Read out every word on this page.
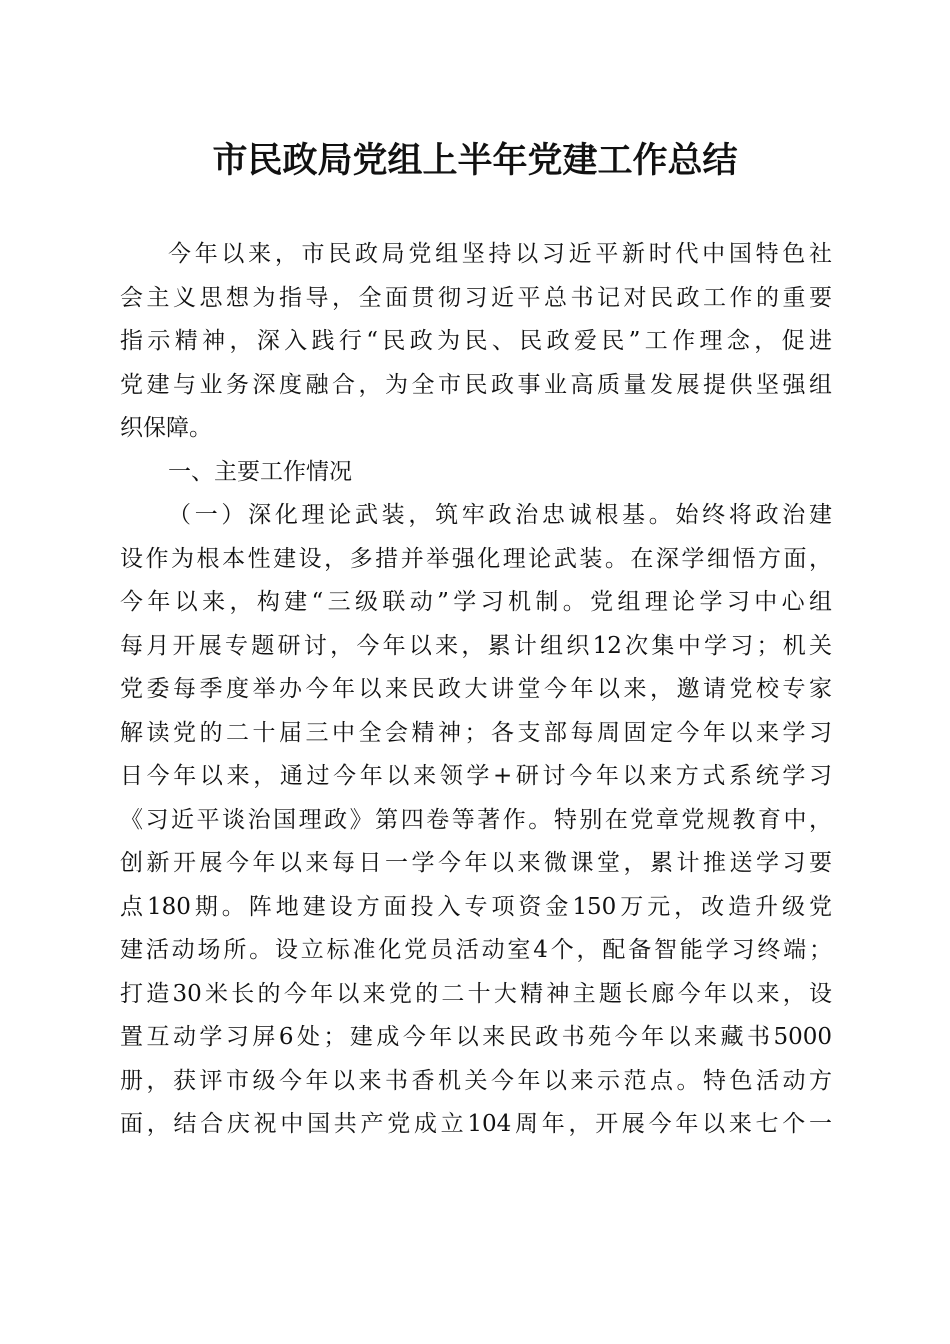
市民政局党组上半年党建工作总结
今年以来，市民政局党组坚持以习近平新时代中国特色社
会主义思想为指导，全面贯彻习近平总书记对民政工作的重要
指示精神，深入践行“民政为民、民政爱民”工作理念，促进
党建与业务深度融合，为全市民政事业高质量发展提供坚强组
织保障。
一、主要工作情况
（一）深化理论武装，筑牢政治忠诚根基。始终将政治建
设作为根本性建设，多措并举强化理论武装。在深学细悟方面，
今年以来，构建“三级联动”学习机制。党组理论学习中心组
每月开展专题研讨，今年以来，累计组织12次集中学习；机关
党委每季度举办今年以来民政大讲堂今年以来，邀请党校专家
解读党的二十届三中全会精神；各支部每周固定今年以来学习
日今年以来，通过今年以来领学+研讨今年以来方式系统学习
《习近平谈治国理政》第四卷等著作。特别在党章党规教育中，
创新开展今年以来每日一学今年以来微课堂，累计推送学习要
点180期。阵地建设方面投入专项资金150万元，改造升级党
建活动场所。设立标准化党员活动室4个，配备智能学习终端；
打造30米长的今年以来党的二十大精神主题长廊今年以来，设
置互动学习屏6处；建成今年以来民政书苑今年以来藏书5000
册，获评市级今年以来书香机关今年以来示范点。特色活动方
面，结合庆祝中国共产党成立104周年，开展今年以来七个一
